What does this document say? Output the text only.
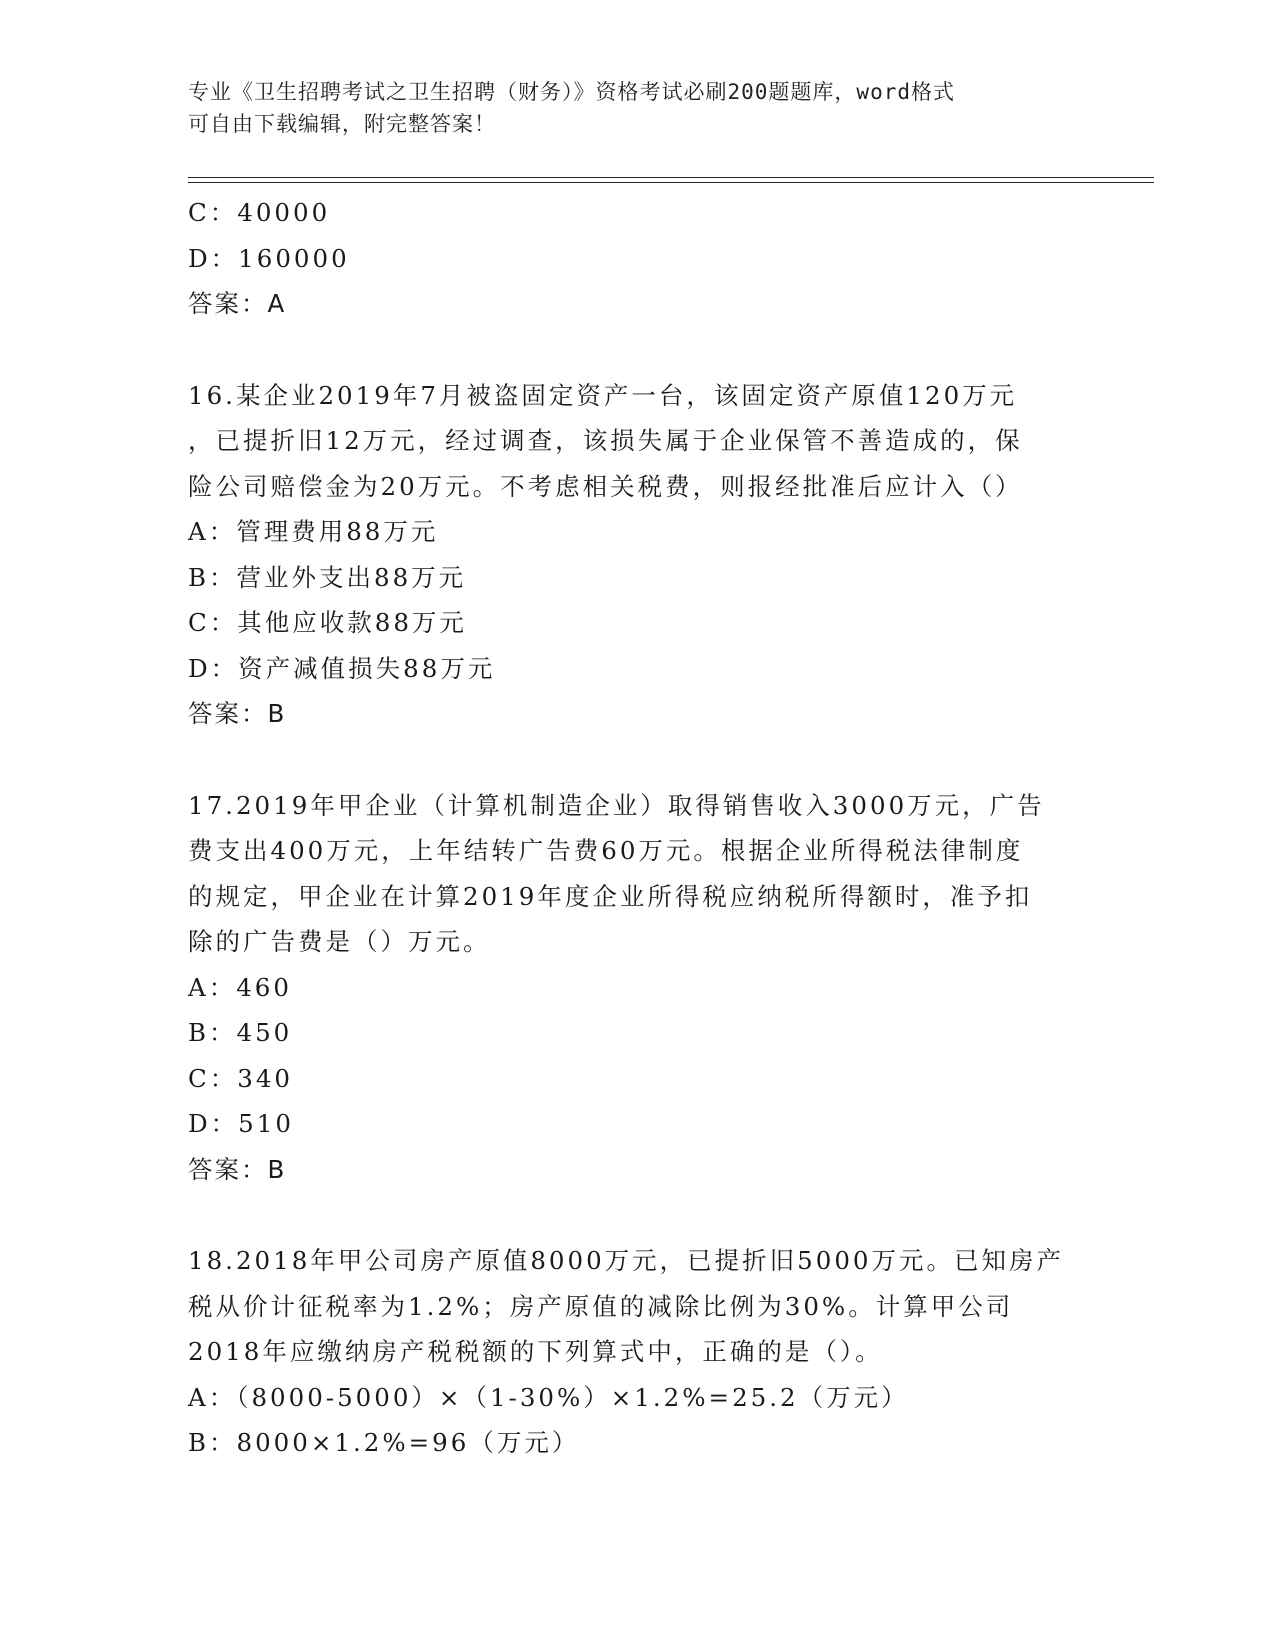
专业《卫生招聘考试之卫生招聘（财务）》资格考试必刷200题题库，word格式
可自由下载编辑，附完整答案！
C：40000
D：160000
答案：A
16.某企业2019年7月被盗固定资产一台，该固定资产原值120万元
，已提折旧12万元，经过调查，该损失属于企业保管不善造成的，保
险公司赔偿金为20万元。不考虑相关税费，则报经批准后应计入（）
A：管理费用88万元
B：营业外支出88万元
C：其他应收款88万元
D：资产减值损失88万元
答案：B
17.2019年甲企业（计算机制造企业）取得销售收入3000万元，广告
费支出400万元，上年结转广告费60万元。根据企业所得税法律制度
的规定，甲企业在计算2019年度企业所得税应纳税所得额时，准予扣
除的广告费是（）万元。
A：460
B：450
C：340
D：510
答案：B
18.2018年甲公司房产原值8000万元，已提折旧5000万元。已知房产
税从价计征税率为1.2%；房产原值的减除比例为30%。计算甲公司
2018年应缴纳房产税税额的下列算式中，正确的是（）。
A：（8000-5000）×（1-30%）×1.2%=25.2（万元）
B：8000×1.2%=96（万元）
